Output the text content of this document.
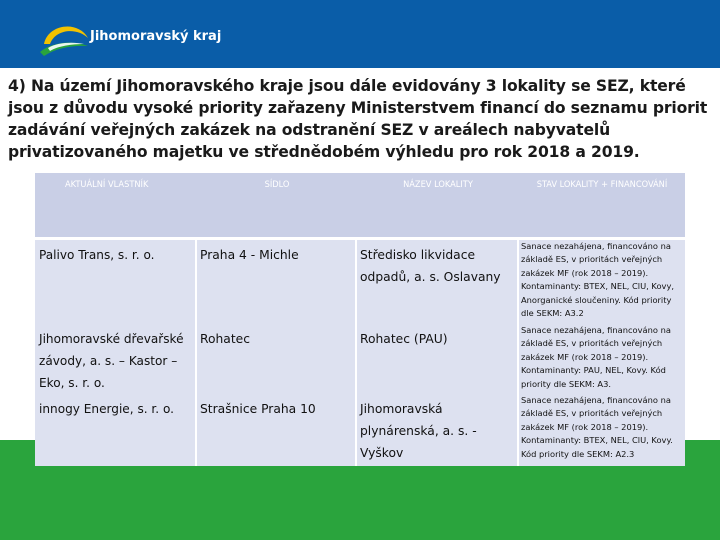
Jihomoravský kraj
4) Na území Jihomoravského kraje jsou dále evidovány 3 lokality se SEZ, které jsou z důvodu vysoké priority zařazeny Ministerstvem financí do seznamu priorit zadávání veřejných zakázek na odstranění SEZ v areálech nabyvatelů privatizovaného majetku ve střednědobém výhledu pro rok 2018 a 2019.
AKTUÁLNÍ VLASTNÍK	SÍDLO	NÁZEV LOKALITY	STAV LOKALITY + FINANCOVÁNÍ
Palivo Trans, s. r. o.	Praha 4 - Michle	Středisko likvidace odpadů, a. s. Oslavany	Sanace nezahájena, financováno na základě ES, v prioritách veřejných zakázek MF (rok 2018 – 2019). Kontaminanty: BTEX, NEL, ClU, Kovy, Anorganické sloučeniny. Kód priority dle SEKM: A3.2
Jihomoravské dřevařské závody, a. s. – Kastor – Eko, s. r. o.	Rohatec	Rohatec (PAU)	Sanace nezahájena, financováno na základě ES, v prioritách veřejných zakázek MF (rok 2018 – 2019). Kontaminanty: PAU, NEL, Kovy. Kód priority dle SEKM: A3.
innogy Energie, s. r. o.	Strašnice Praha 10	Jihomoravská plynárenská, a. s. - Vyškov	Sanace nezahájena, financováno na základě ES, v prioritách veřejných zakázek MF (rok 2018 – 2019). Kontaminanty: BTEX, NEL, ClU, Kovy. Kód priority dle SEKM: A2.3
